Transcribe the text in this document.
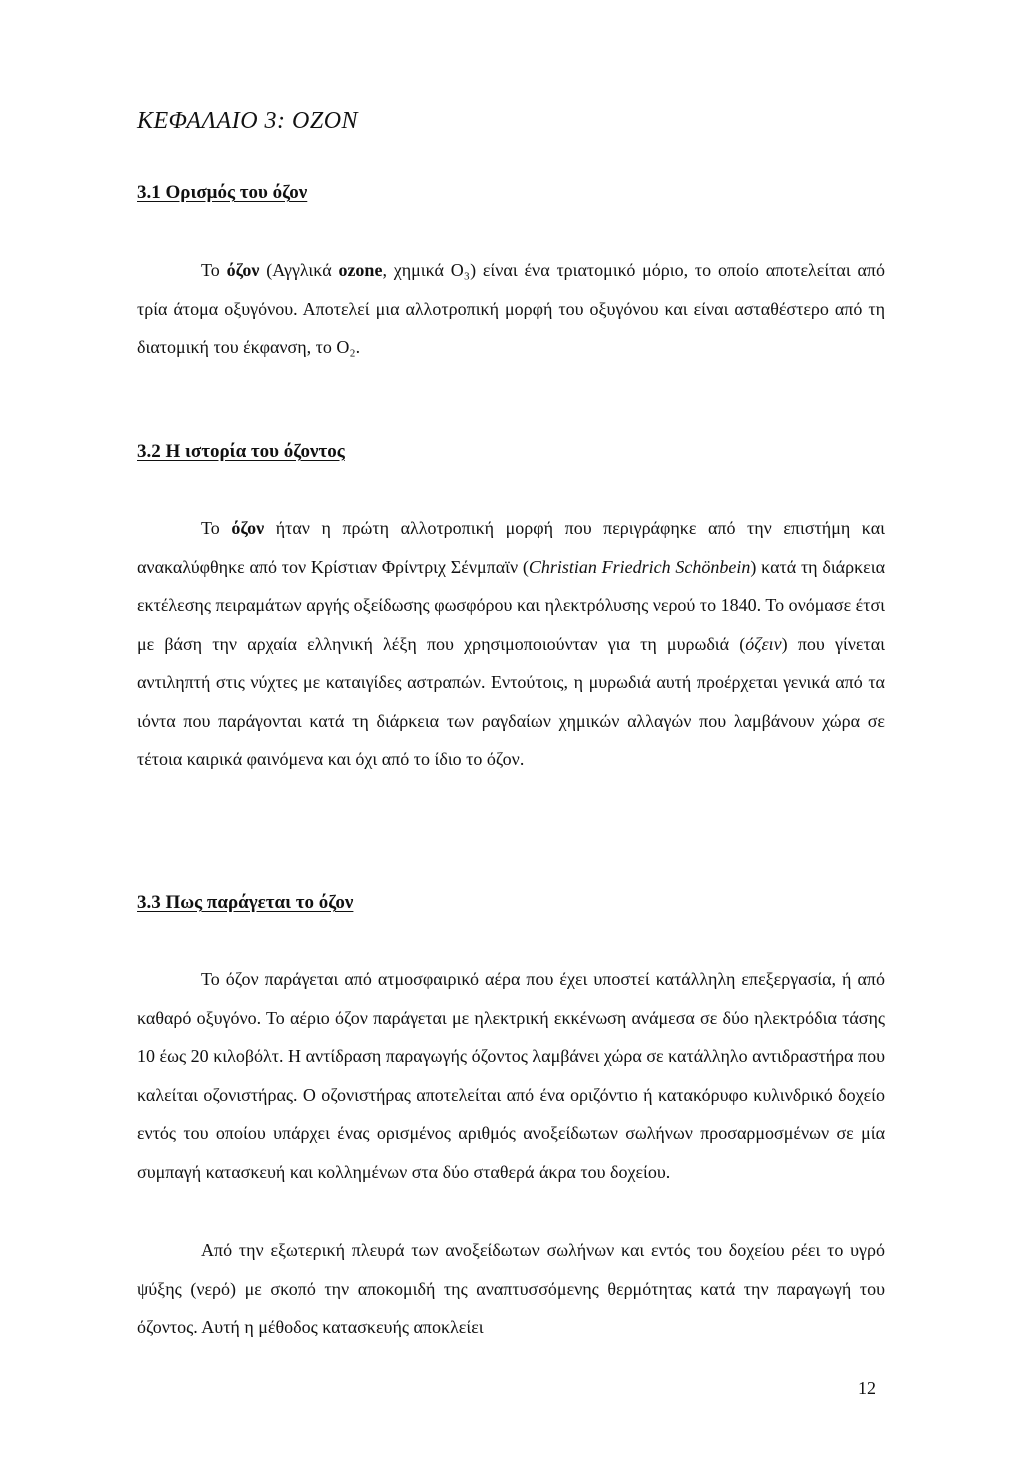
ΚΕΦΑΛΑΙΟ 3: ΟΖΟΝ
3.1 Ορισμός του όζον

Το όζον (Αγγλικά ozone, χημικά O₃) είναι ένα τριατομικό μόριο, το οποίο αποτελείται από τρία άτομα οξυγόνου. Αποτελεί μια αλλοτροπική μορφή του οξυγόνου και είναι ασταθέστερο από τη διατομική του έκφανση, το O₂.

3.2 Η ιστορία του όζοντος

Το όζον ήταν η πρώτη αλλοτροπική μορφή που περιγράφηκε από την επιστήμη και ανακαλύφθηκε από τον Κρίστιαν Φρίντριχ Σένμπαϊν (Christian Friedrich Schönbein) κατά τη διάρκεια εκτέλεσης πειραμάτων αργής οξείδωσης φωσφόρου και ηλεκτρόλυσης νερού το 1840. Το ονόμασε έτσι με βάση την αρχαία ελληνική λέξη που χρησιμοποιούνταν για τη μυρωδιά (όζειν) που γίνεται αντιληπτή στις νύχτες με καταιγίδες αστραπών. Εντούτοις, η μυρωδιά αυτή προέρχεται γενικά από τα ιόντα που παράγονται κατά τη διάρκεια των ραγδαίων χημικών αλλαγών που λαμβάνουν χώρα σε τέτοια καιρικά φαινόμενα και όχι από το ίδιο το όζον.

3.3 Πως παράγεται το όζον

Το όζον παράγεται από ατμοσφαιρικό αέρα που έχει υποστεί κατάλληλη επεξεργασία, ή από καθαρό οξυγόνο. Το αέριο όζον παράγεται με ηλεκτρική εκκένωση ανάμεσα σε δύο ηλεκτρόδια τάσης 10 έως 20 κιλοβόλτ. Η αντίδραση παραγωγής όζοντος λαμβάνει χώρα σε κατάλληλο αντιδραστήρα που καλείται οζονιστήρας. Ο οζονιστήρας αποτελείται από ένα οριζόντιο ή κατακόρυφο κυλινδρικό δοχείο εντός του οποίου υπάρχει ένας ορισμένος αριθμός ανοξείδωτων σωλήνων προσαρμοσμένων σε μία συμπαγή κατασκευή και κολλημένων στα δύο σταθερά άκρα του δοχείου.

Από την εξωτερική πλευρά των ανοξείδωτων σωλήνων και εντός του δοχείου ρέει το υγρό ψύξης (νερό) με σκοπό την αποκομιδή της αναπτυσσόμενης θερμότητας κατά την παραγωγή του όζοντος. Αυτή η μέθοδος κατασκευής αποκλείει

12
